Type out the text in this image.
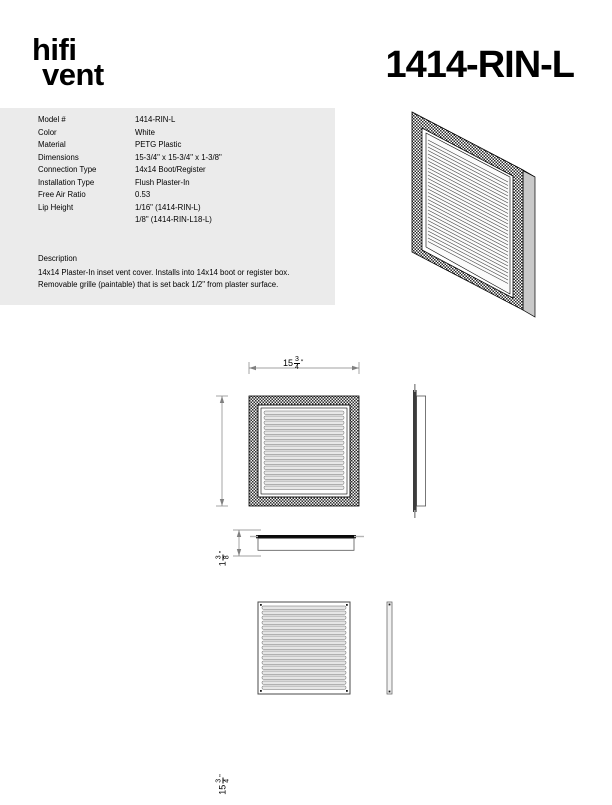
hifi
vent	1414-RIN-L
Model #	1414-RIN-L
Color	White
Material	PETG Plastic
Dimensions	15-3/4" x 15-3/4" x 1-3/8"
Connection Type	14x14 Boot/Register
Installation Type	Flush Plaster-In
Free Air Ratio	0.53
Lip Height	1/16" (1414-RIN-L)
1/8" (1414-RIN-L18-L)
Description
14x14 Plaster-In inset vent cover. Installs into 14x14 boot or register box.
Removable grille (paintable) that is set back 1/2" from plaster surface.
$15 \frac{3}{4}$ "
15
3 4
"
1
3 8
"
